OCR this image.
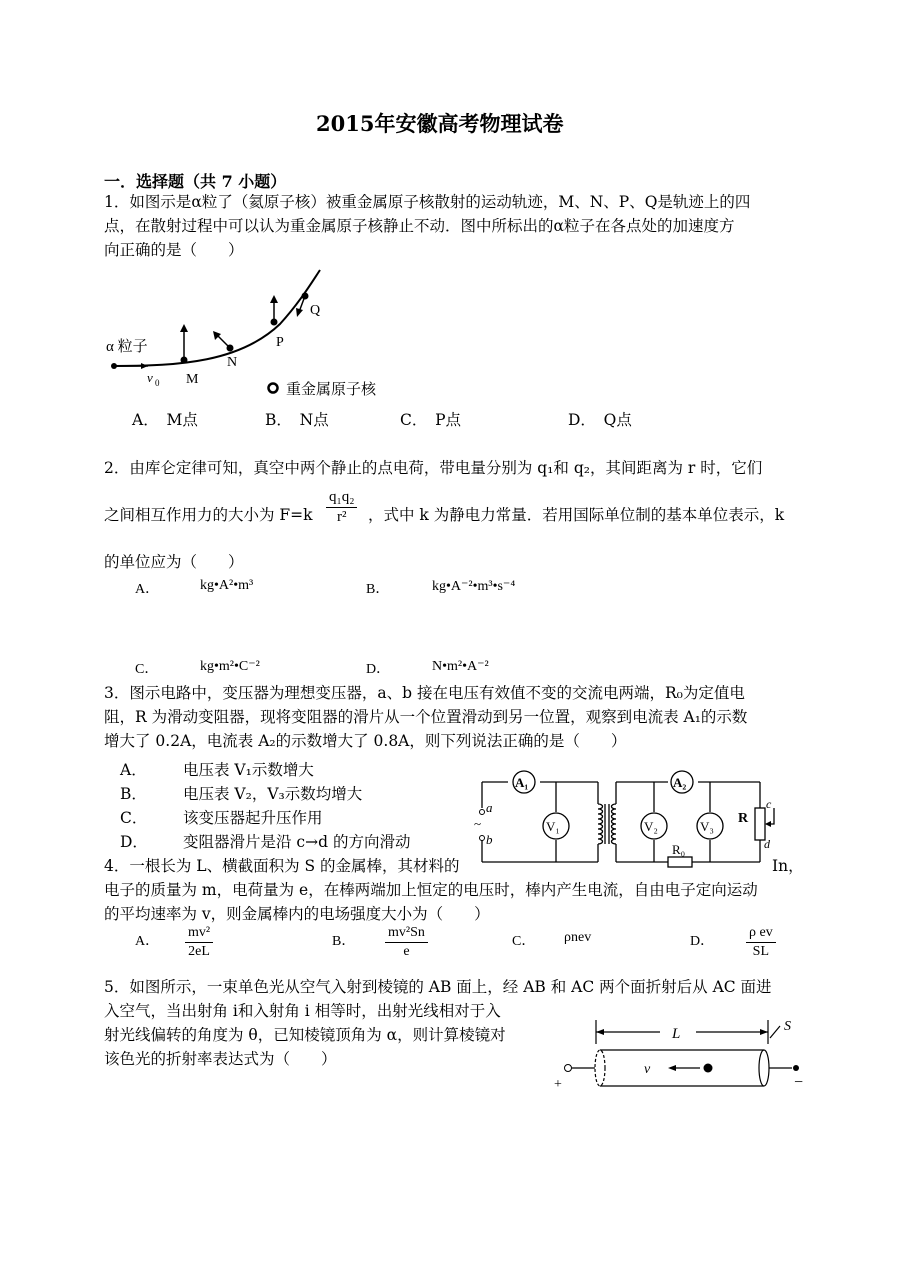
2015年安徽高考物理试卷
一．选择题（共 7 小题）
1．如图示是α粒了（氦原子核）被重金属原子核散射的运动轨迹，M、N、P、Q是轨迹上的四
点，在散射过程中可以认为重金属原子核静止不动．图中所标出的α粒子在各点处的加速度方
向正确的是（　　）
α 粒子
v 0 M
N
P
Q
重金属原子核
A．　M点	B．　N点	C．　P点	D．　Q点
2．由库仑定律可知，真空中两个静止的点电荷，带电量分别为 q₁和 q₂，其间距离为 r 时，它们
之间相互作用力的大小为 $F=k \frac{\text{q₁q₂}}{\text{r²}}$ ，式中 k 为静电力常量．若用国际单位制的基本单位表示，k
的单位应为（　　）
A．	kg•A²•m³	B．	kg•A⁻²•m³•s⁻⁴
C．	kg•m²•C⁻²	D．	N•m²•A⁻²
3．图示电路中，变压器为理想变压器，a、b 接在电压有效值不变的交流电两端，R₀为定值电
阻，R 为滑动变阻器，现将变阻器的滑片从一个位置滑动到另一位置，观察到电流表 A₁的示数
增大了 0.2A，电流表 A₂的示数增大了 0.8A，则下列说法正确的是（　　）
A． 电压表 V₁示数增大
B． 电压表 V₂，V₃示数均增大
C． 该变压器起升压作用
D． 变阻器滑片是沿 c→d 的方向滑动
a
~
b
A₁	A₂
V₁	V₂	V₃
R₀
R
c
d
4．一根长为 L、横截面积为 S 的金属棒，其材料的	In，
电子的质量为 m，电荷量为 e，在棒两端加上恒定的电压时，棒内产生电流，自由电子定向运动
的平均速率为 v，则金属棒内的电场强度大小为（　　）
A． $\frac{\text{mv²}}{2eL}$	B． $\frac{\text{mv²Sn}}{e}$	C． ρnev	D． $\frac{\text{ρ ev}}{SL}$
5．如图所示，一束单色光从空气入射到棱镜的 AB 面上，经 AB 和 AC 两个面折射后从 AC 面进
入空气，当出射角 i和入射角 i 相等时，出射光线相对于入
射光线偏转的角度为 θ，已知棱镜顶角为 α，则计算棱镜对
该色光的折射率表达式为（　　）
L	S
v
+	−
